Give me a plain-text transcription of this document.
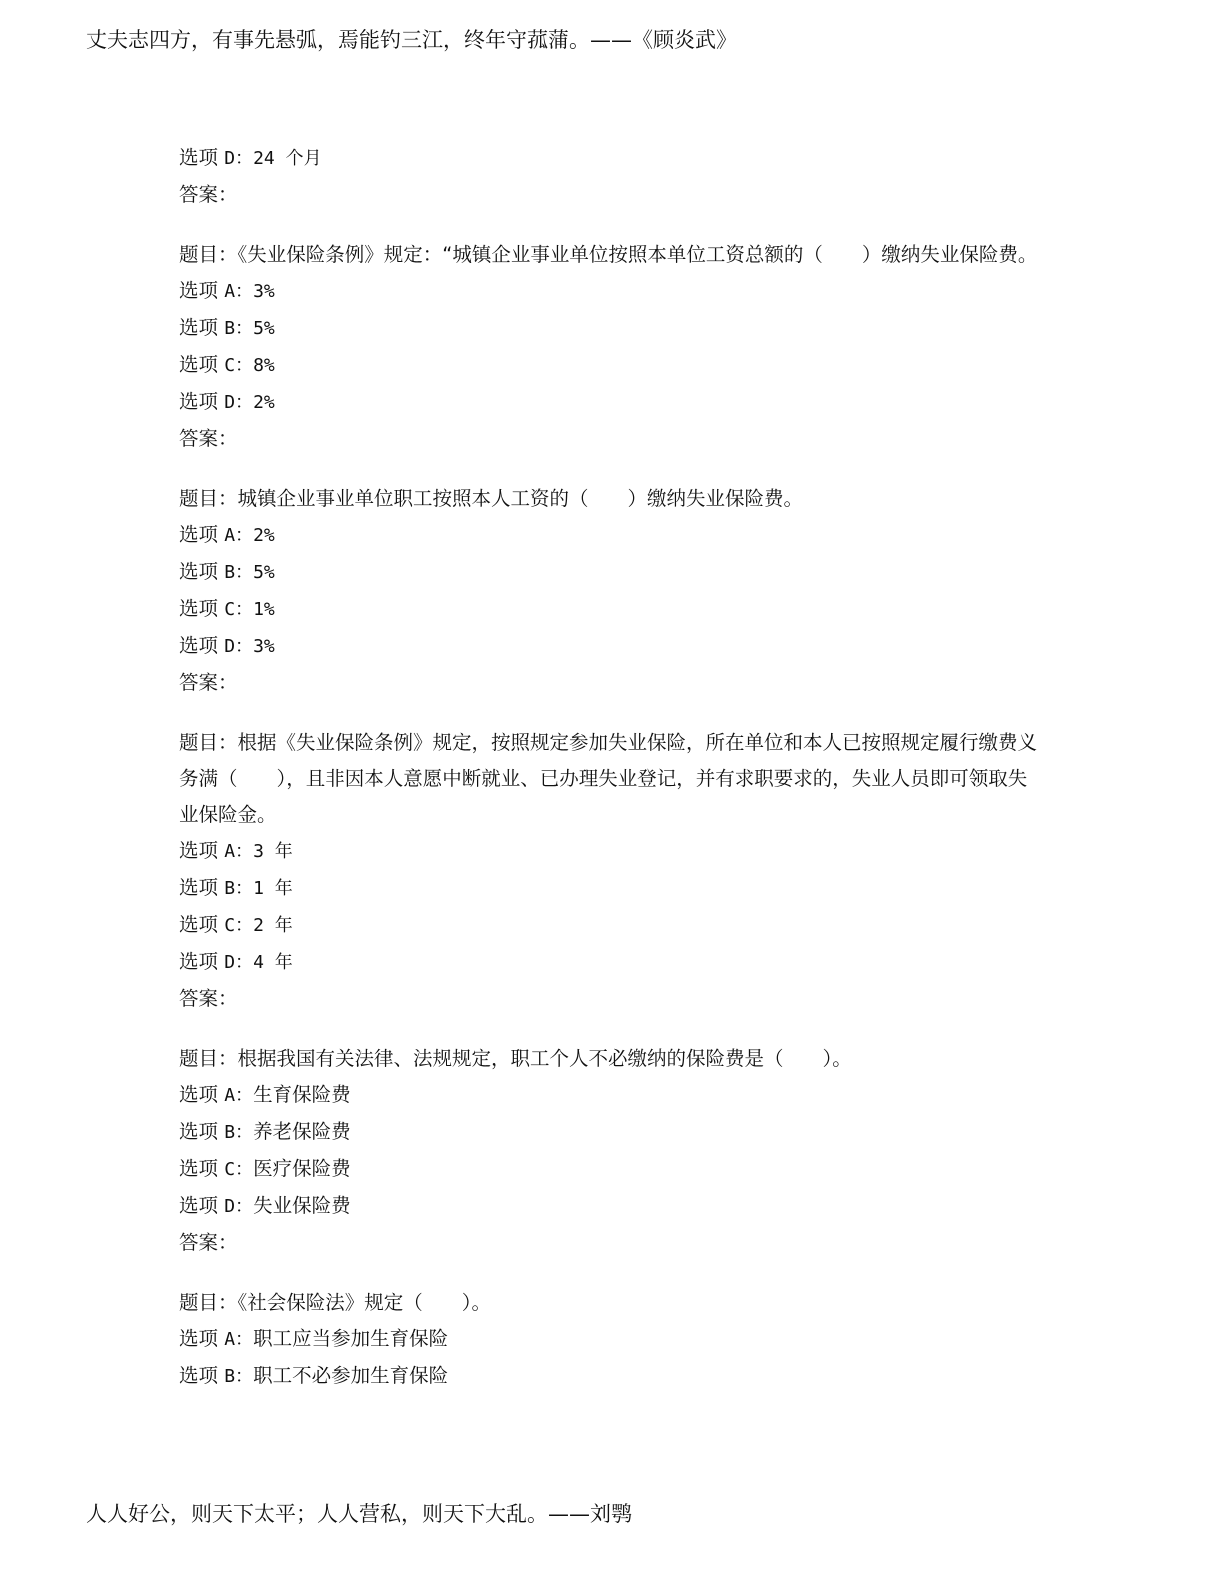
丈夫志四方，有事先悬弧，焉能钓三江，终年守菰蒲。——《顾炎武》
选项 D：24 个月
答案：
题目：《失业保险条例》规定：“城镇企业事业单位按照本单位工资总额的（　　）缴纳失业保险费。
选项 A：3%
选项 B：5%
选项 C：8%
选项 D：2%
答案：
题目：城镇企业事业单位职工按照本人工资的（　　）缴纳失业保险费。
选项 A：2%
选项 B：5%
选项 C：1%
选项 D：3%
答案：
题目：根据《失业保险条例》规定，按照规定参加失业保险，所在单位和本人已按照规定履行缴费义务满（　　），且非因本人意愿中断就业、已办理失业登记，并有求职要求的，失业人员即可领取失业保险金。
选项 A：3 年
选项 B：1 年
选项 C：2 年
选项 D：4 年
答案：
题目：根据我国有关法律、法规规定，职工个人不必缴纳的保险费是（　　）。
选项 A：生育保险费
选项 B：养老保险费
选项 C：医疗保险费
选项 D：失业保险费
答案：
题目：《社会保险法》规定（　　）。
选项 A：职工应当参加生育保险
选项 B：职工不必参加生育保险
人人好公，则天下太平；人人营私，则天下大乱。——刘鹗
